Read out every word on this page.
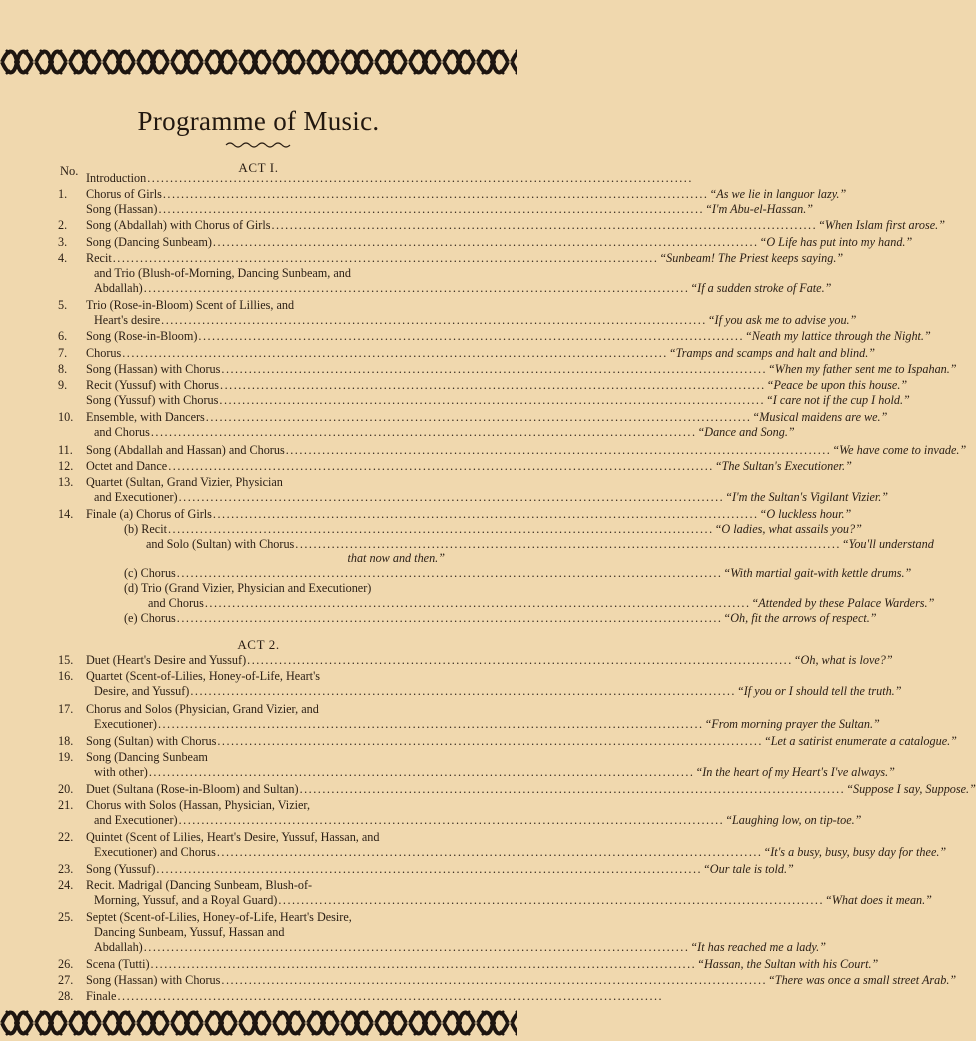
Programme of Music.
No.	ACT I.
ACT 2.
Introduction ........................................................................................................................
1.	Chorus of Girls ........................................................................................................................ “As we lie in languor lazy.”
Song (Hassan) ........................................................................................................................ “I'm Abu-el-Hassan.”
2.	Song (Abdallah) with Chorus of Girls ........................................................................................................................ “When Islam first arose.”
3.	Song (Dancing Sunbeam) ........................................................................................................................ “O Life has put into my hand.”
4.	Recit ........................................................................................................................ “Sunbeam! The Priest keeps saying.”
and Trio (Blush-of-Morning, Dancing Sunbeam, and
Abdallah) ........................................................................................................................ “If a sudden stroke of Fate.”
5.	Trio (Rose-in-Bloom) Scent of Lillies, and
Heart's desire ........................................................................................................................ “If you ask me to advise you.”
6.	Song (Rose-in-Bloom) ........................................................................................................................ “Neath my lattice through the Night.”
7.	Chorus ........................................................................................................................ “Tramps and scamps and halt and blind.”
8.	Song (Hassan) with Chorus ........................................................................................................................ “When my father sent me to Ispahan.”
9.	Recit (Yussuf) with Chorus ........................................................................................................................ “Peace be upon this house.”
Song (Yussuf) with Chorus ........................................................................................................................ “I care not if the cup I hold.”
10.	Ensemble, with Dancers ........................................................................................................................ “Musical maidens are we.”
and Chorus ........................................................................................................................ “Dance and Song.”
11.	Song (Abdallah and Hassan) and Chorus ........................................................................................................................ “We have come to invade.”
12.	Octet and Dance ........................................................................................................................ “The Sultan's Executioner.”
13.	Quartet (Sultan, Grand Vizier, Physician
and Executioner) ........................................................................................................................ “I'm the Sultan's Vigilant Vizier.”
14.	Finale (a) Chorus of Girls ........................................................................................................................ “O luckless hour.”
(b) Recit ........................................................................................................................ “O ladies, what assails you?”
and Solo (Sultan) with Chorus ........................................................................................................................ “You'll understand
that now and then.”
(c) Chorus ........................................................................................................................ “With martial gait-with kettle drums.”
(d) Trio (Grand Vizier, Physician and Executioner)
and Chorus ........................................................................................................................ “Attended by these Palace Warders.”
(e) Chorus ........................................................................................................................ “Oh, fit the arrows of respect.”
15.	Duet (Heart's Desire and Yussuf) ........................................................................................................................ “Oh, what is love?”
16.	Quartet (Scent-of-Lilies, Honey-of-Life, Heart's
Desire, and Yussuf) ........................................................................................................................ “If you or I should tell the truth.”
17.	Chorus and Solos (Physician, Grand Vizier, and
Executioner) ........................................................................................................................ “From morning prayer the Sultan.”
18.	Song (Sultan) with Chorus ........................................................................................................................ “Let a satirist enumerate a catalogue.”
19.	Song (Dancing Sunbeam
with other) ........................................................................................................................ “In the heart of my Heart's I've always.”
20.	Duet (Sultana (Rose-in-Bloom) and Sultan) ........................................................................................................................ “Suppose I say, Suppose.”
21.	Chorus with Solos (Hassan, Physician, Vizier,
and Executioner) ........................................................................................................................ “Laughing low, on tip-toe.”
22.	Quintet (Scent of Lilies, Heart's Desire, Yussuf, Hassan, and
Executioner) and Chorus ........................................................................................................................ “It's a busy, busy, busy day for thee.”
23.	Song (Yussuf) ........................................................................................................................ “Our tale is told.”
24.	Recit. Madrigal (Dancing Sunbeam, Blush-of-
Morning, Yussuf, and a Royal Guard) ........................................................................................................................ “What does it mean.”
25.	Septet (Scent-of-Lilies, Honey-of-Life, Heart's Desire,
Dancing Sunbeam, Yussuf, Hassan and
Abdallah) ........................................................................................................................ “It has reached me a lady.”
26.	Scena (Tutti) ........................................................................................................................ “Hassan, the Sultan with his Court.”
27.	Song (Hassan) with Chorus ........................................................................................................................ “There was once a small street Arab.”
28.	Finale ........................................................................................................................
